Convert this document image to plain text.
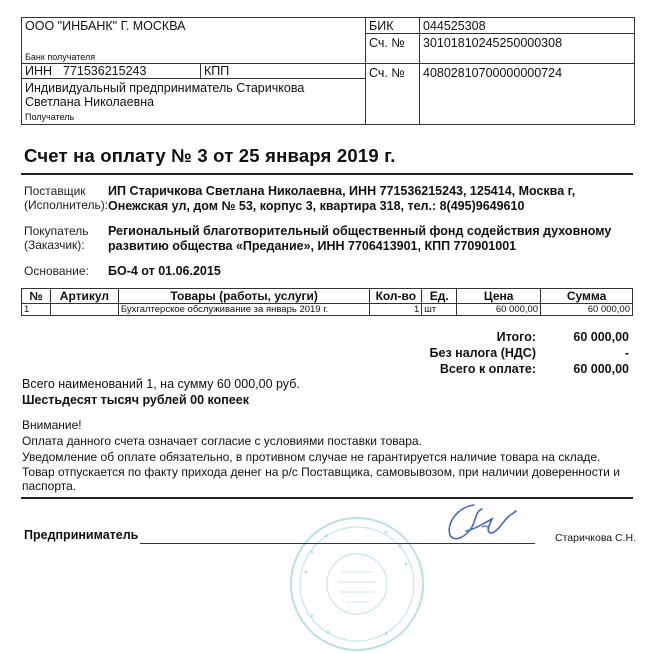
ООО "ИНБАНК" Г. МОСКВА
Банк получателя
БИК 044525308
Сч. № 30101810245250000308
ИНН 771536215243	КПП	Сч. № 40802810700000000724
Индивидуальный предприниматель Старичкова
Светлана Николаевна
Получатель
Счет на оплату № 3 от 25 января 2019 г.
Поставщик
(Исполнитель):
ИП Старичкова Светлана Николаевна, ИНН 771536215243, 125414, Москва г,
Онежская ул, дом № 53, корпус 3, квартира 318, тел.: 8(495)9649610
Покупатель
(Заказчик):
Региональный благотворительный общественный фонд содействия духовному
развитию общества «Предание», ИНН 7706413901, КПП 770901001
Основание: БО-4 от 01.06.2015
№	Артикул	Товары (работы, услуги)	Кол-во	Ед.	Цена	Сумма
1		Бухгалтерское обслуживание за январь 2019 г.	1	шт	60 000,00	60 000,00
Итого:	60 000,00
Без налога (НДС)	-
Всего к оплате:	60 000,00
Всего наименований 1, на сумму 60 000,00 руб.
Шестьдесят тысяч рублей 00 копеек
Внимание!
Оплата данного счета означает согласие с условиями поставки товара.
Уведомление об оплате обязательно, в противном случае не гарантируется наличие товара на складе.
Товар отпускается по факту прихода денег на р/с Поставщика, самовывозом, при наличии доверенности и
паспорта.
Предприниматель	Старичкова С.Н.
